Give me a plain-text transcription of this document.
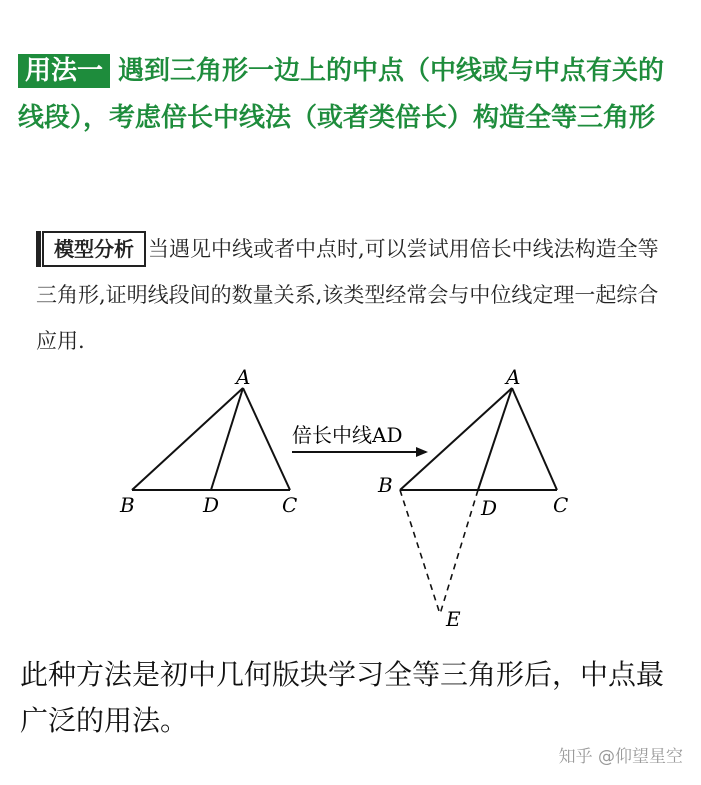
用法一 遇到三角形一边上的中点（中线或与中点有关的线段），考虑倍长中线法（或者类倍长）构造全等三角形
模型分析 当遇见中线或者中点时,可以尝试用倍长中线法构造全等三角形,证明线段间的数量关系,该类型经常会与中位线定理一起综合应用.
A
B	D	C
倍长中线AD
A
B
D	C
E
此种方法是初中几何版块学习全等三角形后，中点最广泛的用法。
知乎 @仰望星空
